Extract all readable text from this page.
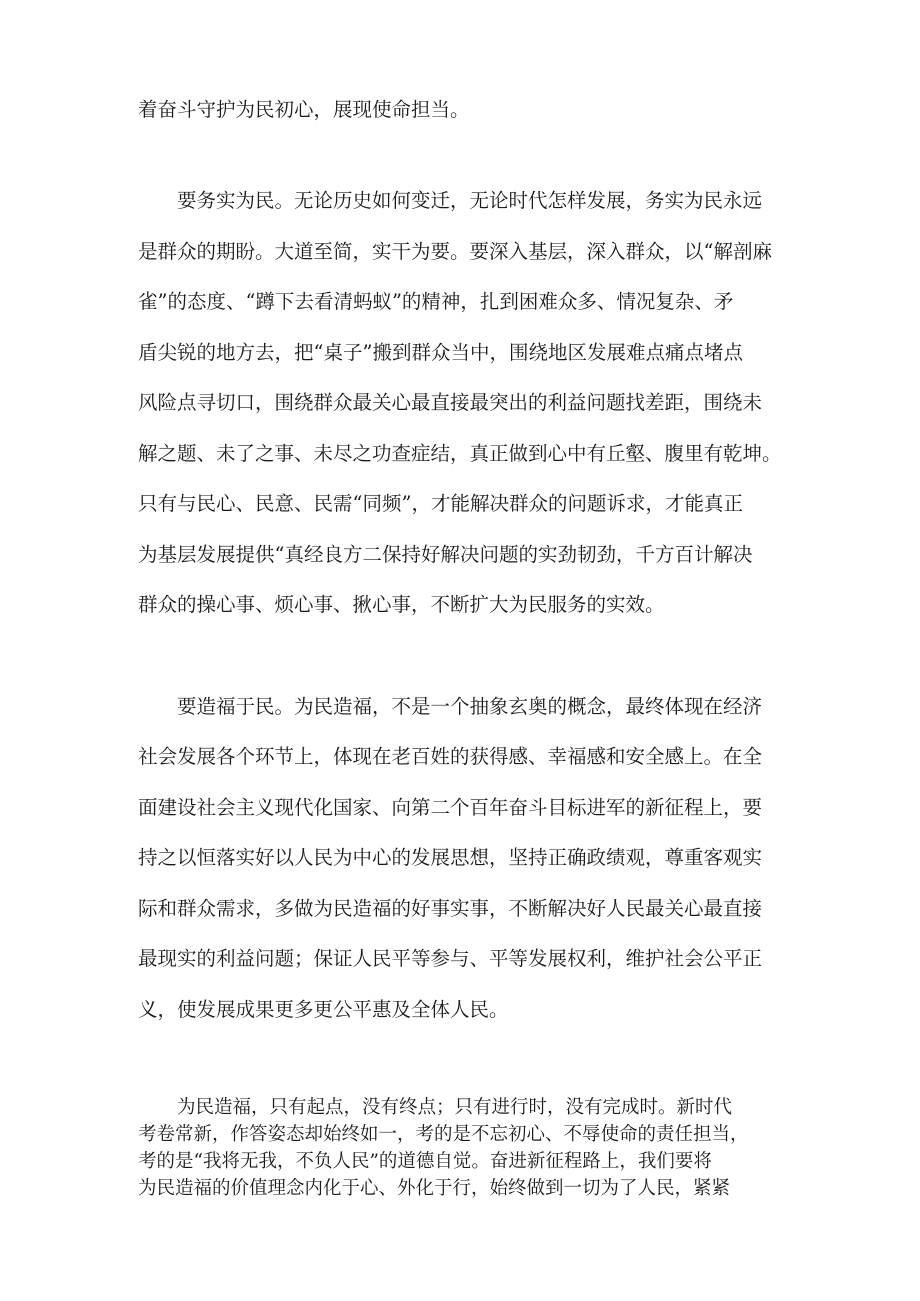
着奋斗守护为民初心，展现使命担当。

要务实为民。无论历史如何变迁，无论时代怎样发展，务实为民永远

是群众的期盼。大道至简，实干为要。要深入基层，深入群众，以“解剖麻

雀”的态度、“蹲下去看清蚂蚁”的精神，扎到困难众多、情况复杂、矛

盾尖锐的地方去，把“桌子”搬到群众当中，围绕地区发展难点痛点堵点

风险点寻切口，围绕群众最关心最直接最突出的利益问题找差距，围绕未

解之题、未了之事、未尽之功查症结，真正做到心中有丘壑、腹里有乾坤。

只有与民心、民意、民需“同频”，才能解决群众的问题诉求，才能真正

为基层发展提供“真经良方二保持好解决问题的实劲韧劲，千方百计解决

群众的操心事、烦心事、揪心事，不断扩大为民服务的实效。

要造福于民。为民造福，不是一个抽象玄奥的概念，最终体现在经济

社会发展各个环节上，体现在老百姓的获得感、幸福感和安全感上。在全

面建设社会主义现代化国家、向第二个百年奋斗目标进军的新征程上，要

持之以恒落实好以人民为中心的发展思想，坚持正确政绩观，尊重客观实

际和群众需求，多做为民造福的好事实事，不断解决好人民最关心最直接

最现实的利益问题；保证人民平等参与、平等发展权利，维护社会公平正

义，使发展成果更多更公平惠及全体人民。

为民造福，只有起点，没有终点；只有进行时，没有完成时。新时代

考卷常新，作答姿态却始终如一，考的是不忘初心、不辱使命的责任担当，

考的是“我将无我，不负人民”的道德自觉。奋进新征程路上，我们要将

为民造福的价值理念内化于心、外化于行，始终做到一切为了人民，紧紧
